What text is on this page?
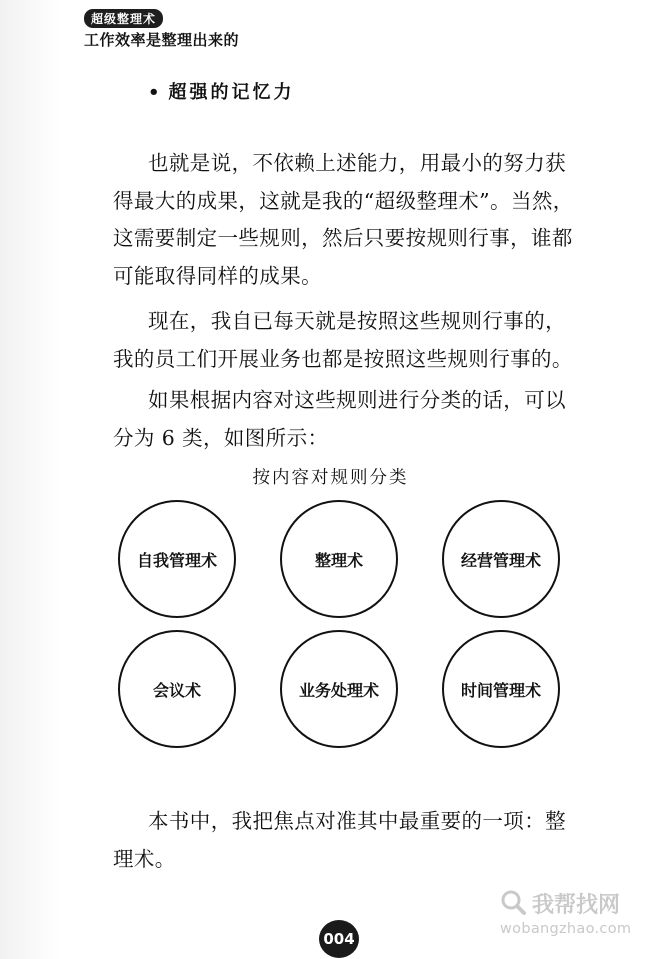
超级整理术
工作效率是整理出来的
• 超强的记忆力

也就是说，不依赖上述能力，用最小的努力获得最大的成果，这就是我的“超级整理术”。当然，这需要制定一些规则，然后只要按规则行事，谁都可能取得同样的成果。

现在，我自已每天就是按照这些规则行事的，我的员工们开展业务也都是按照这些规则行事的。

如果根据内容对这些规则进行分类的话，可以分为 6 类，如图所示：

按内容对规则分类
自我管理术	整理术	经营管理术
会议术	业务处理术	时间管理术

本书中，我把焦点对准其中最重要的一项：整理术。

004
我帮找网
wobangzhao.com
